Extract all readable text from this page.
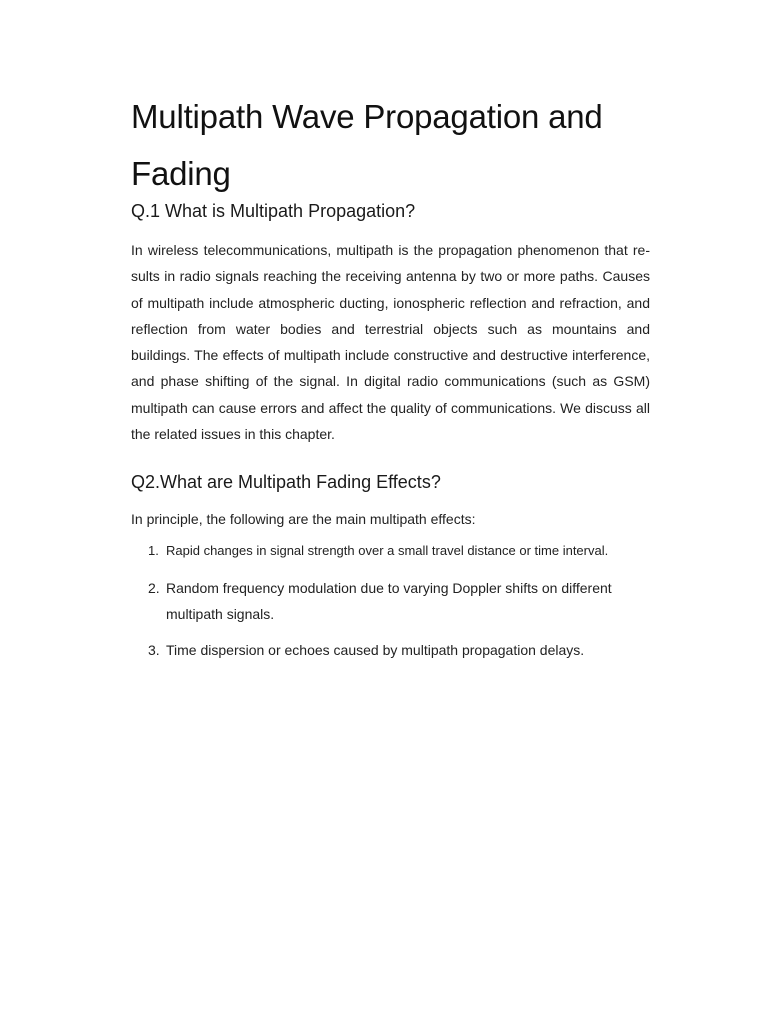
Multipath Wave Propagation and Fading
Q.1 What is Multipath Propagation?

In wireless telecommunications, multipath is the propagation phenomenon that re-sults in radio signals reaching the receiving antenna by two or more paths. Causes of multipath include atmospheric ducting, ionospheric reflection and refraction, and reflection from water bodies and terrestrial objects such as mountains and buildings. The effects of multipath include constructive and destructive interference, and phase shifting of the signal. In digital radio communications (such as GSM) multipath can cause errors and affect the quality of communications. We discuss all the related issues in this chapter.

Q2.What are Multipath Fading Effects?

In principle, the following are the main multipath effects:

1. Rapid changes in signal strength over a small travel distance or time interval.
2. Random frequency modulation due to varying Doppler shifts on different multipath signals.
3. Time dispersion or echoes caused by multipath propagation delays.
